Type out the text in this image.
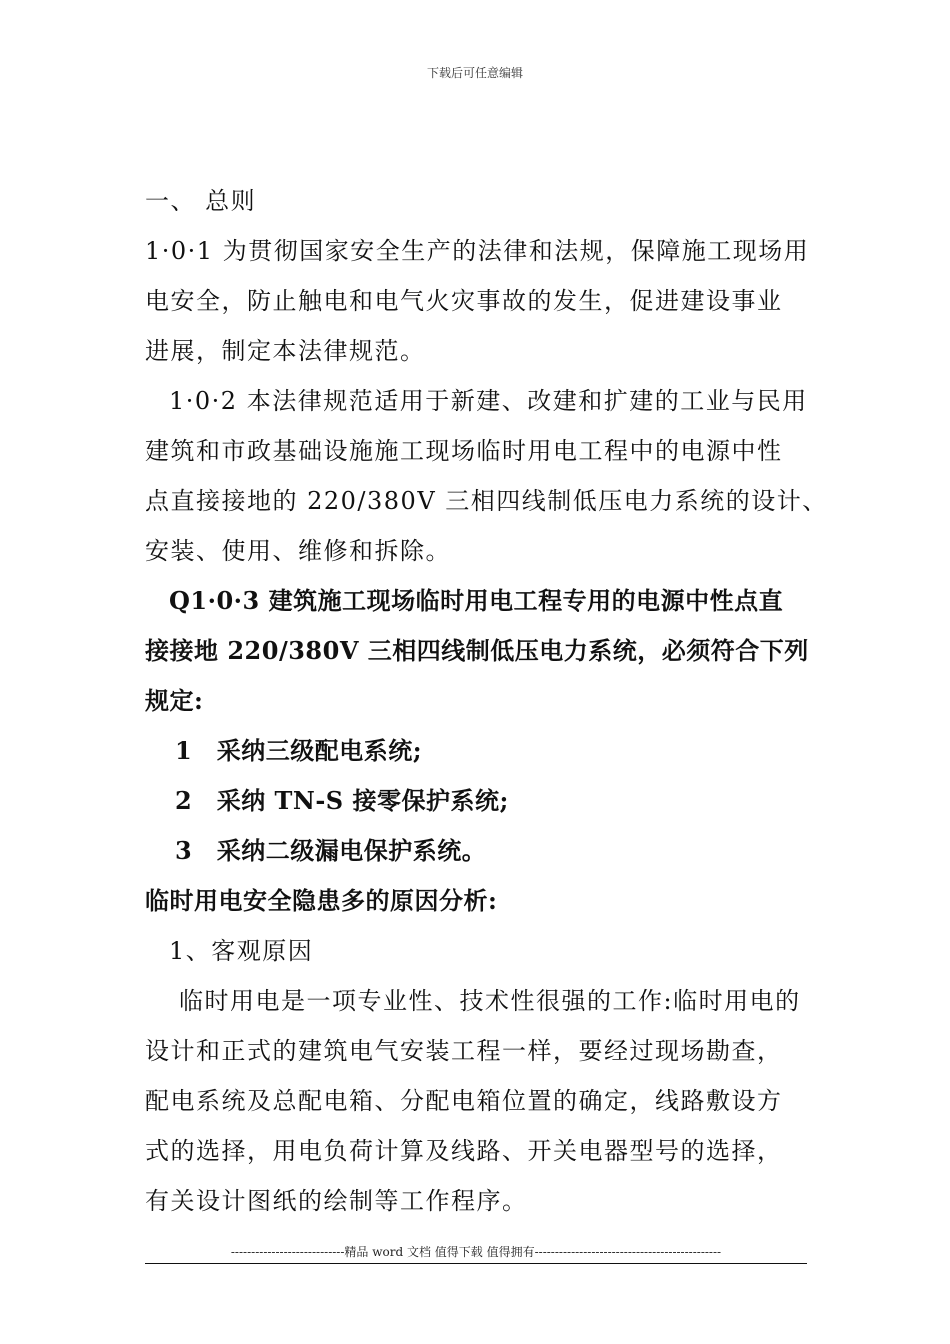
下载后可任意编辑
一、 总则
1·0·1 为贯彻国家安全生产的法律和法规，保障施工现场用
电安全，防止触电和电气火灾事故的发生，促进建设事业
进展，制定本法律规范。
1·0·2 本法律规范适用于新建、改建和扩建的工业与民用
建筑和市政基础设施施工现场临时用电工程中的电源中性
点直接接地的 220/380V 三相四线制低压电力系统的设计、
安装、使用、维修和拆除。
Q1·0·3 建筑施工现场临时用电工程专用的电源中性点直
接接地 220/380V 三相四线制低压电力系统，必须符合下列
规定:
1　采纳三级配电系统;
2　采纳 TN-S 接零保护系统;
3　采纳二级漏电保护系统。
临时用电安全隐患多的原因分析:
1、客观原因
临时用电是一项专业性、技术性很强的工作:临时用电的
设计和正式的建筑电气安装工程一样，要经过现场勘查，
配电系统及总配电箱、分配电箱位置的确定，线路敷设方
式的选择，用电负荷计算及线路、开关电器型号的选择，
有关设计图纸的绘制等工作程序。
----------------------------精品 word 文档 值得下载 值得拥有----------------------------------------------
